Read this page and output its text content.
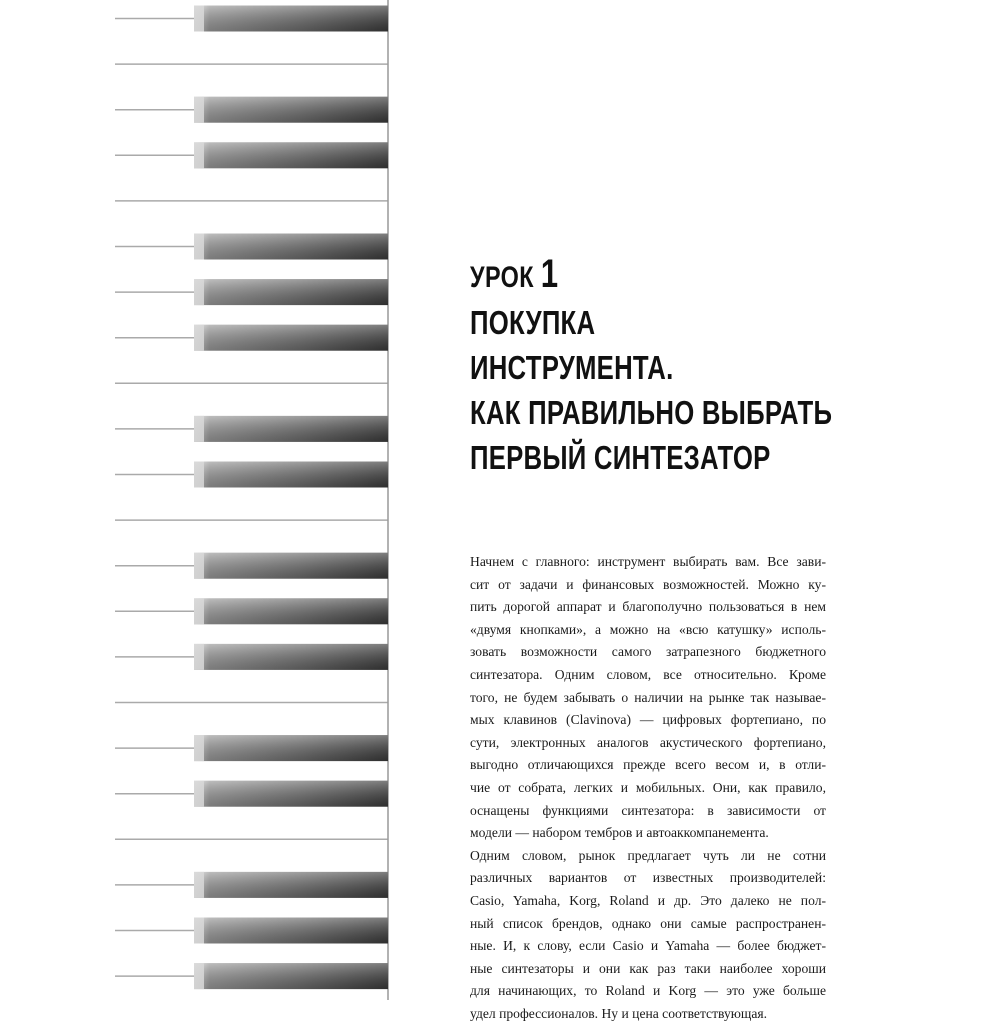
УРОК 1
ПОКУПКА
ИНСТРУМЕНТА.
КАК ПРАВИЛЬНО ВЫБРАТЬ
ПЕРВЫЙ СИНТЕЗАТОР

Начнем с главного: инструмент выбирать вам. Все зави-

сит от задачи и финансовых возможностей. Можно ку-

пить дорогой аппарат и благополучно пользоваться в нем

«двумя кнопками», а можно на «всю катушку» исполь-

зовать возможности самого затрапезного бюджетного

синтезатора. Одним словом, все относительно. Кроме

того, не будем забывать о наличии на рынке так называе-

мых клавинов (Clavinova) — цифровых фортепиано, по

сути, электронных аналогов акустического фортепиано,

выгодно отличающихся прежде всего весом и, в отли-

чие от собрата, легких и мобильных. Они, как правило,

оснащены функциями синтезатора: в зависимости от

модели — набором тембров и автоаккомпанемента.

Одним словом, рынок предлагает чуть ли не сотни

различных вариантов от известных производителей:

Casio, Yamaha, Korg, Roland и др. Это далеко не пол-

ный список брендов, однако они самые распространен-

ные. И, к слову, если Casio и Yamaha — более бюджет-

ные синтезаторы и они как раз таки наиболее хороши

для начинающих, то Roland и Korg — это уже больше

удел профессионалов. Ну и цена соответствующая.
